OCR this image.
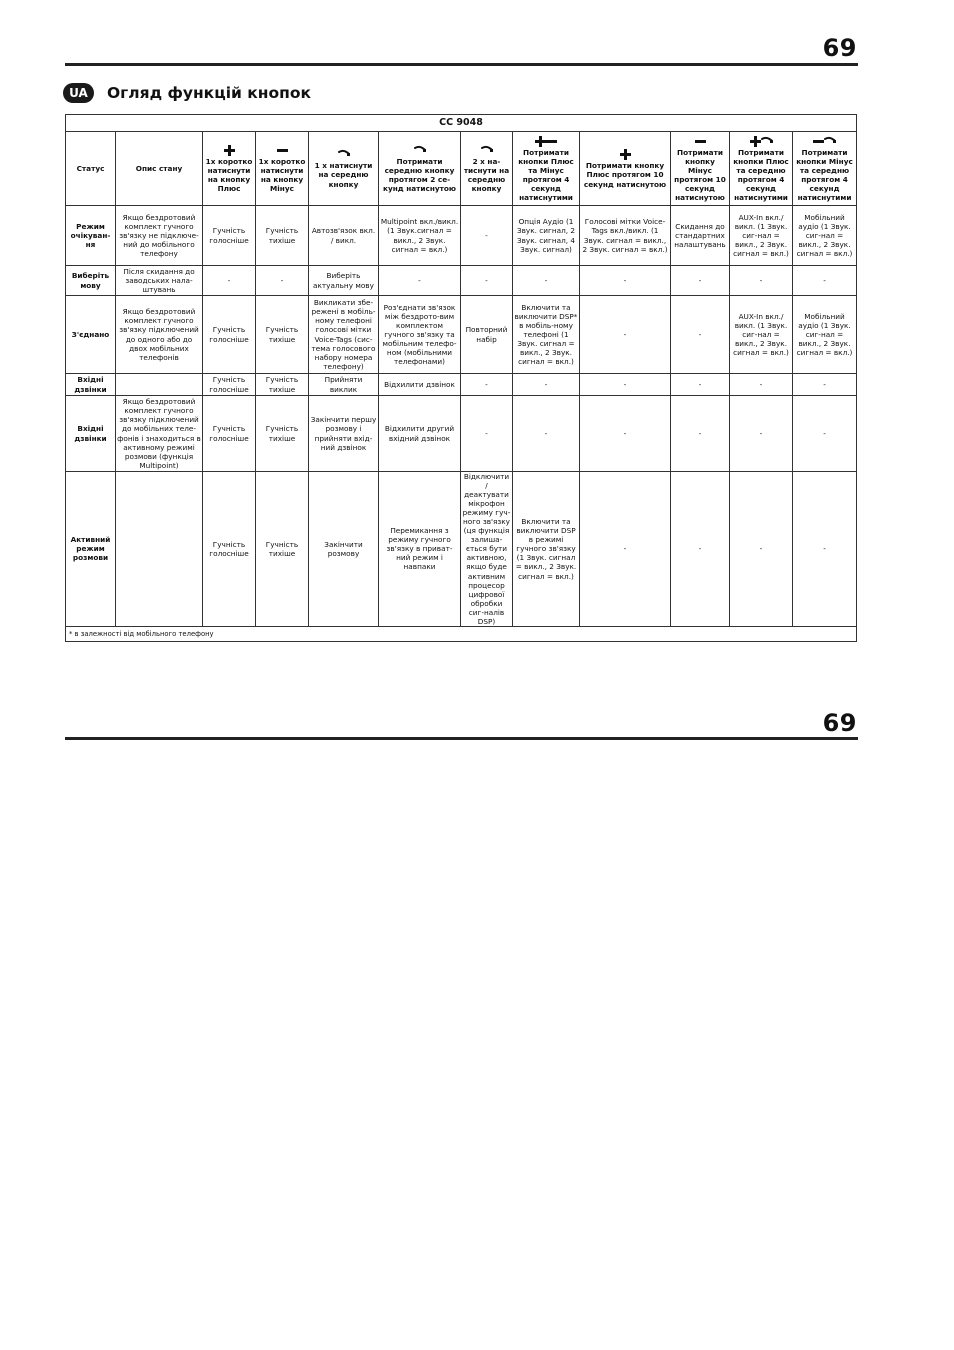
69
UA	Огляд функцій кнопок
CC 9048											
Статус	Опис стану	1x коротко натиснути на кнопку Плюс	1x коротко натиснути на кнопку Мінус	1 x натиснути на середню кнопку	Потримати середню кнопку протягом 2 се-кунд натиснутою	2 x на-тиснути на середню кнопку	Потримати кнопки Плюс та Мінус протягом 4 секунд натиснутими	Потримати кнопку Плюс протягом 10 секунд натиснутою	Потримати кнопку Мінус протягом 10 секунд натиснутою	Потримати кнопки Плюс та середню протягом 4 секунд натиснутими	Потримати кнопки Мінус та середню протягом 4 секунд натиснутими
Режим очікуван-ня	Якщо бездротовий комплект гучного зв'язку не підключе-ний до мобільного телефону	Гучність голосніше	Гучність тихіше	Автозв'язок вкл. / викл.	Multipoint вкл./викл. (1 Звук.сигнал = викл., 2 Звук. сигнал = вкл.)	-	Опція Аудіо (1 Звук. сигнал, 2 Звук. сигнал, 4 Звук. сигнал)	Голосові мітки Voice-Tags вкл./викл. (1 Звук. сигнал = викл., 2 Звук. сигнал = вкл.)	Скидання до стандартних налаштувань	AUX-In вкл./викл. (1 Звук. сиг-нал = викл., 2 Звук. сигнал = вкл.)	Мобільний аудіо (1 Звук. сиг-нал = викл., 2 Звук. сигнал = вкл.)
Виберіть мову	Після скидання до заводських нала-штувань	-	-	Виберіть актуальну мову	-	-	-	-	-	-	-
З'єднано	Якщо бездротовий комплект гучного зв'язку підключений до одного або до двох мобільних телефонів	Гучність голосніше	Гучність тихіше	Викликати збе-режені в мобіль-ному телефоні голосові мітки Voice-Tags (сис-тема голосового набору номера телефону)	Роз'єднати зв'язок між бездрото-вим комплектом гучного зв'язку та мобільним телефо-ном (мобільними телефонами)	Повторний набір	Включити та виключити DSP* в мобіль-ному телефоні (1 Звук. сигнал = викл., 2 Звук. сигнал = вкл.)	-	-	AUX-In вкл./викл. (1 Звук. сиг-нал = викл., 2 Звук. сигнал = вкл.)	Мобільний аудіо (1 Звук. сиг-нал = викл., 2 Звук. сигнал = вкл.)
Вхідні дзвінки		Гучність голосніше	Гучність тихіше	Прийняти виклик	Відхилити дзвінок	-	-	-	-	-	-
Вхідні дзвінки	Якщо бездротовий комплект гучного зв'язку підключений до мобільних теле-фонів і знаходиться в активному режимі розмови (функція Multipoint)	Гучність голосніше	Гучність тихіше	Закінчити першу розмову і прийняти вхід-ний дзвінок	Відхилити другий вхідний дзвінок	-	-	-	-	-	-
Активний режим розмови		Гучність голосніше	Гучність тихіше	Закінчити розмову	Перемикання з режиму гучного зв'язку в приват-ний режим і навпаки	Відключити / деактувати мікрофон режиму гуч-ного зв'язку (ця функція залиша-ється бути активною, якщо буде активним процесор цифрової обробки сиг-налів DSP)	Включити та виключити DSP в режимі гучного зв'язку (1 Звук. сигнал = викл., 2 Звук. сигнал = вкл.)	-	-	-	-
* в залежності від мобільного телефону											
69
